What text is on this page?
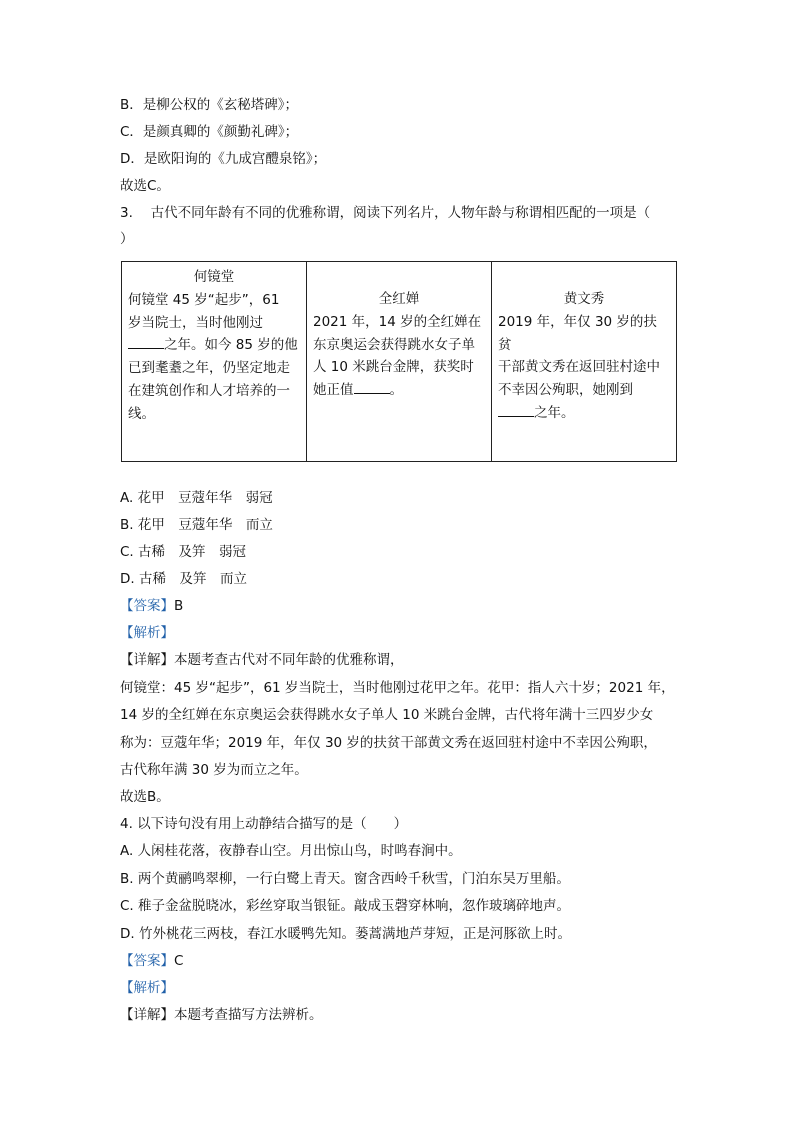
B．是柳公权的《玄秘塔碑》；
C．是颜真卿的《颜勤礼碑》；
D．是欧阳询的《九成宫醴泉铭》；
故选C。
3.　 古代不同年龄有不同的优雅称谓，阅读下列名片，人物年龄与称谓相匹配的一项是（
）
何镜堂
何镜堂 45 岁“起步”，61
岁当院士，当时他刚过
之年。如今 85 岁的他
已到耄耋之年，仍坚定地走
在建筑创作和人才培养的一
线。

全红婵
2021 年，14 岁的全红婵在
东京奥运会获得跳水女子单
人 10 米跳台金牌，获奖时
她正值	。

黄文秀
2019 年，年仅 30 岁的扶贫
干部黄文秀在返回驻村途中
不幸因公殉职，她刚到
之年。
A. 花甲　豆蔻年华　弱冠
B. 花甲　豆蔻年华　而立
C. 古稀　及笄　弱冠
D. 古稀　及笄　而立
【答案】B
【解析】
【详解】本题考查古代对不同年龄的优雅称谓，
何镜堂：45 岁“起步”，61 岁当院士，当时他刚过花甲之年。花甲：指人六十岁；2021 年，
14 岁的全红婵在东京奥运会获得跳水女子单人 10 米跳台金牌，古代将年满十三四岁少女
称为：豆蔻年华；2019 年，年仅 30 岁的扶贫干部黄文秀在返回驻村途中不幸因公殉职，
古代称年满 30 岁为而立之年。
故选B。
4. 以下诗句没有用上动静结合描写的是（　　）
A. 人闲桂花落，夜静春山空。月出惊山鸟，时鸣春涧中。
B. 两个黄鹂鸣翠柳，一行白鹭上青天。窗含西岭千秋雪，门泊东吴万里船。
C. 稚子金盆脱晓冰，彩丝穿取当银钲。敲成玉磬穿林响，忽作玻璃碎地声。
D. 竹外桃花三两枝，春江水暖鸭先知。蒌蒿满地芦芽短，正是河豚欲上时。
【答案】C
【解析】
【详解】本题考查描写方法辨析。
